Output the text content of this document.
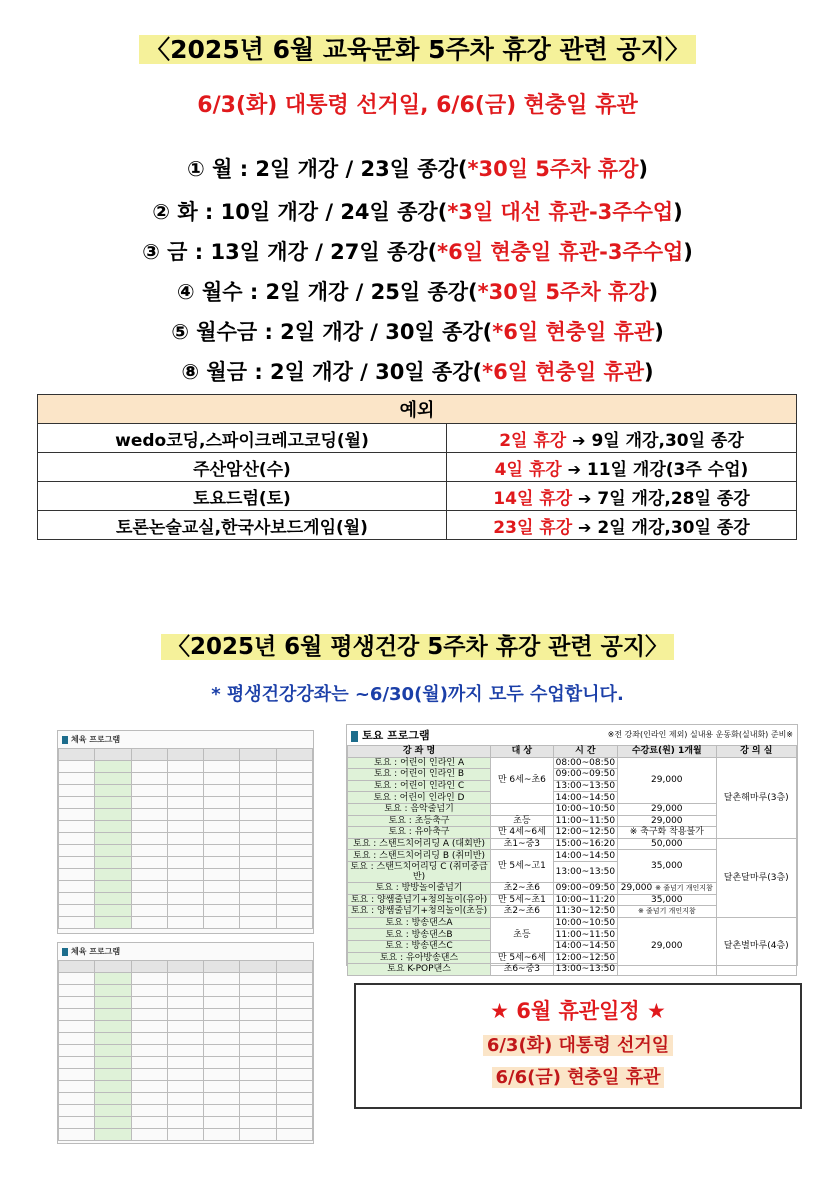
〈2025년 6월 교육문화 5주차 휴강 관련 공지〉
6/3(화) 대통령 선거일, 6/6(금) 현충일 휴관
① 월 : 2일 개강 / 23일 종강(*30일 5주차 휴강)
② 화 : 10일 개강 / 24일 종강(*3일 대선 휴관-3주수업)
③ 금 : 13일 개강 / 27일 종강(*6일 현충일 휴관-3주수업)
④ 월수 : 2일 개강 / 25일 종강(*30일 5주차 휴강)
⑤ 월수금 : 2일 개강 / 30일 종강(*6일 현충일 휴관)
⑧ 월금 : 2일 개강 / 30일 종강(*6일 현충일 휴관)
예외	
wedo코딩,스파이크레고코딩(월)	2일 휴강 ➔ 9일 개강,30일 종강
주산암산(수)	4일 휴강 ➔ 11일 개강(3주 수업)
토요드럼(토)	14일 휴강 ➔ 7일 개강,28일 종강
토론논술교실,한국사보드게임(월)	23일 휴강 ➔ 2일 개강,30일 종강
〈2025년 6월 평생건강 5주차 휴강 관련 공지〉
* 평생건강강좌는 ~6/30(월)까지 모두 수업합니다.
체육 프로그램

체육 프로그램

토요 프로그램	※전 강좌(인라인 제외) 실내용 운동화(실내화) 준비※
강 좌 명	대 상	시 간	수강료(원) 1개월	강 의 실
토요 : 어린이 인라인 A	만 6세~초6	08:00~08:50	29,000	달촌해마루(3층)
토요 : 어린이 인라인 B		09:00~09:50		
토요 : 어린이 인라인 C		13:00~13:50		
토요 : 어린이 인라인 D		14:00~14:50		
토요 : 음악줄넘기		10:00~10:50	29,000	
토요 : 초등축구	초등	11:00~11:50	29,000	
토요 : 유아축구	만 4세~6세	12:00~12:50	※ 축구화 착용불가	
토요 : 스탠드치어리딩 A (대회반)	초1~중3	15:00~16:20	50,000	달촌달마루(3층)
토요 : 스탠드치어리딩 B (취미반)	만 5세~고1	14:00~14:50	35,000	
토요 : 스탠드치어리딩 C (취미중급반)		13:00~13:50		
토요 : 방방놀이줄넘기	초2~초6	09:00~09:50	29,000 ※ 줄넘기 개인지참	
토요 : 양쌤줄넘기+청의놀이(유아)	만 5세~초1	10:00~11:20	35,000	
토요 : 양쌤줄넘기+청의놀이(초등)	초2~초6	11:30~12:50	※ 줄넘기 개인지참	
토요 : 방송댄스A	초등	10:00~10:50	29,000	달촌별마루(4층)
토요 : 방송댄스B		11:00~11:50		
토요 : 방송댄스C		14:00~14:50		
토요 : 유아방송댄스	만 5세~6세	12:00~12:50		
토요 K-POP댄스	초6~중3	13:00~13:50		
★ 6월 휴관일정 ★
6/3(화) 대통령 선거일
6/6(금) 현충일 휴관
